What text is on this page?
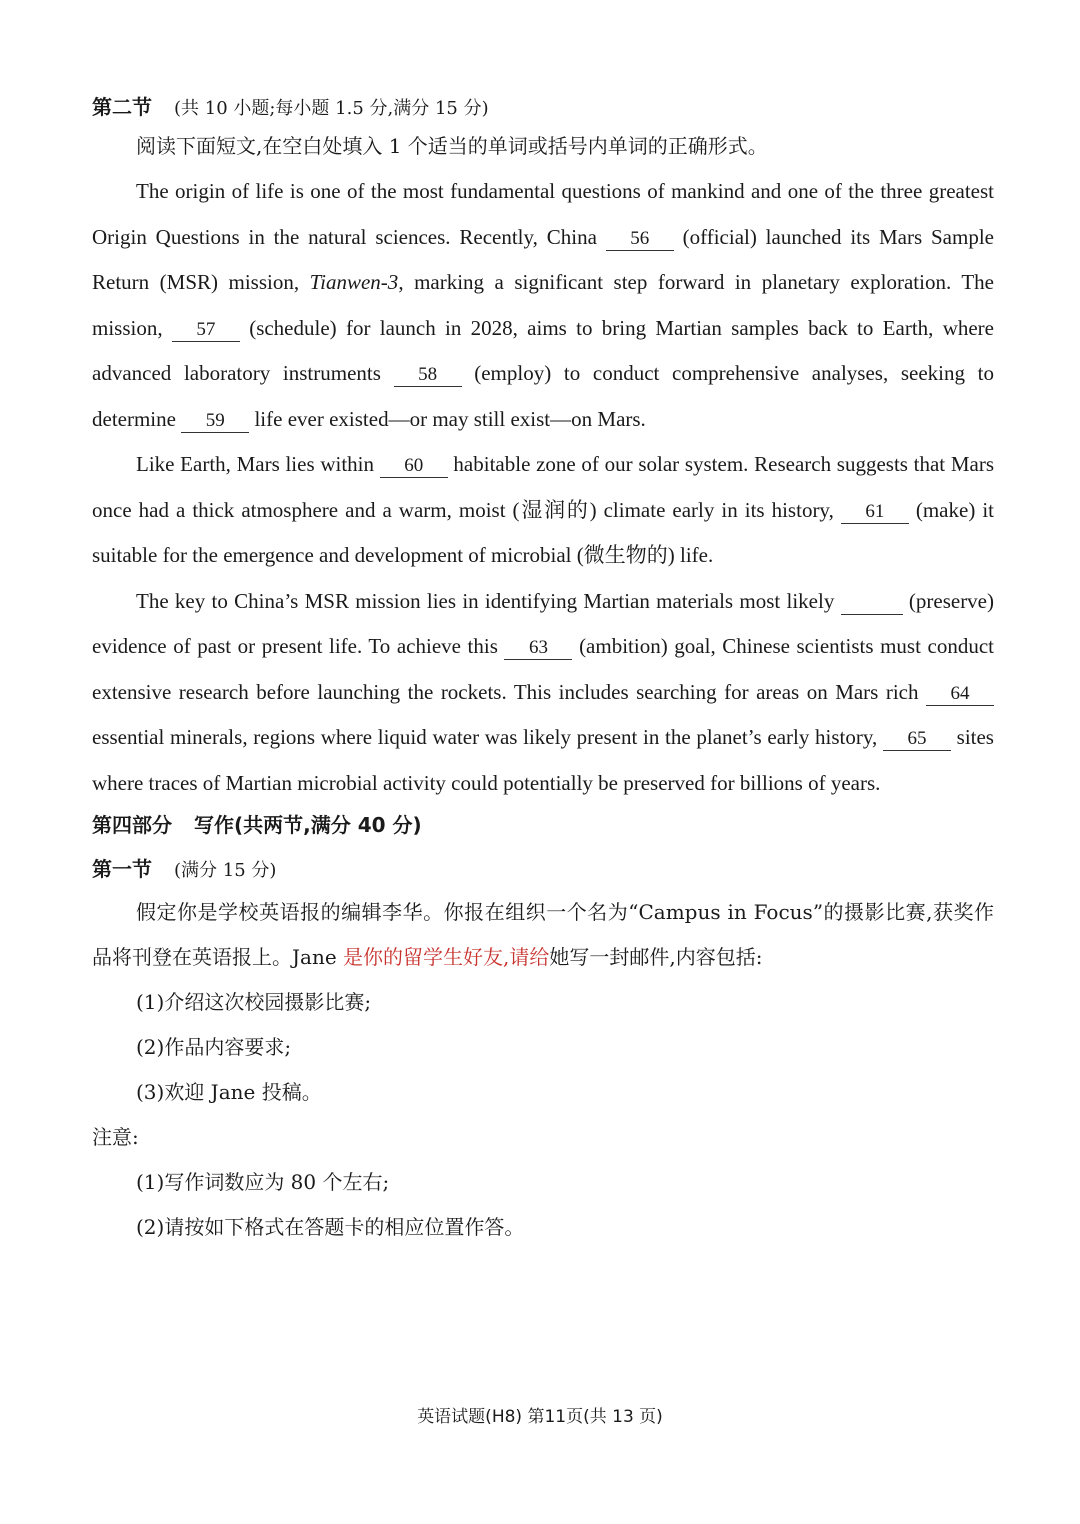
第二节 (共 10 小题;每小题 1.5 分,满分 15 分)
阅读下面短文,在空白处填入 1 个适当的单词或括号内单词的正确形式。

The origin of life is one of the most fundamental questions of mankind and one of the three greatest Origin Questions in the natural sciences. Recently, China 56 (official) launched its Mars Sample Return (MSR) mission, Tianwen-3, marking a significant step forward in planetary exploration. The mission, 57 (schedule) for launch in 2028, aims to bring Martian samples back to Earth, where advanced laboratory instruments 58 (employ) to conduct comprehensive analyses, seeking to determine 59 life ever existed—or may still exist—on Mars.

Like Earth, Mars lies within 60 habitable zone of our solar system. Research suggests that Mars once had a thick atmosphere and a warm, moist (湿润的) climate early in its history, 61 (make) it suitable for the emergence and development of microbial (微生物的) life.

The key to China’s MSR mission lies in identifying Martian materials most likely	(preserve) evidence of past or present life. To achieve this 63 (ambition) goal, Chinese scientists must conduct extensive research before launching the rockets. This includes searching for areas on Mars rich 64 essential minerals, regions where liquid water was likely present in the planet’s early history, 65 sites where traces of Martian microbial activity could potentially be preserved for billions of years.

第四部分 写作(共两节,满分 40 分)
第一节 (满分 15 分)
假定你是学校英语报的编辑李华。你报在组织一个名为“Campus in Focus”的摄影比赛,获奖作品将刊登在英语报上。Jane 是你的留学生好友,请给她写一封邮件,内容包括:
(1)介绍这次校园摄影比赛;
(2)作品内容要求;
(3)欢迎 Jane 投稿。
注意:
(1)写作词数应为 80 个左右;
(2)请按如下格式在答题卡的相应位置作答。
英语试题(H8) 第11页(共 13 页)
